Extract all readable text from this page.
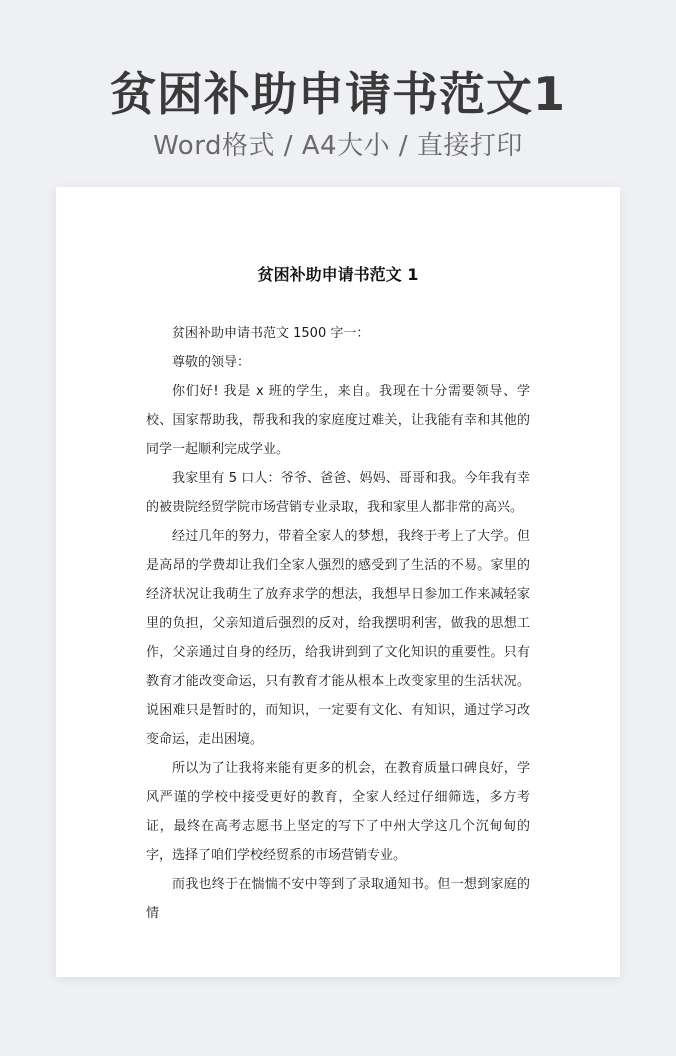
贫困补助申请书范文1
Word格式 / A4大小 / 直接打印
贫困补助申请书范文 1

贫困补助申请书范文 1500 字一：

尊敬的领导：

你们好! 我是 x 班的学生，来自。我现在十分需要领导、学校、国家帮助我，帮我和我的家庭度过难关，让我能有幸和其他的同学一起顺利完成学业。

我家里有 5 口人：爷爷、爸爸、妈妈、哥哥和我。今年我有幸的被贵院经贸学院市场营销专业录取，我和家里人都非常的高兴。

经过几年的努力，带着全家人的梦想，我终于考上了大学。但是高昂的学费却让我们全家人强烈的感受到了生活的不易。家里的经济状况让我萌生了放弃求学的想法，我想早日参加工作来减轻家里的负担，父亲知道后强烈的反对，给我摆明利害，做我的思想工作，父亲通过自身的经历，给我讲到到了文化知识的重要性。只有教育才能改变命运，只有教育才能从根本上改变家里的生活状况。说困难只是暂时的，而知识，一定要有文化、有知识，通过学习改变命运，走出困境。

所以为了让我将来能有更多的机会，在教育质量口碑良好，学风严谨的学校中接受更好的教育，全家人经过仔细筛选，多方考证，最终在高考志愿书上坚定的写下了中州大学这几个沉甸甸的字，选择了咱们学校经贸系的市场营销专业。

而我也终于在惴惴不安中等到了录取通知书。但一想到家庭的情
